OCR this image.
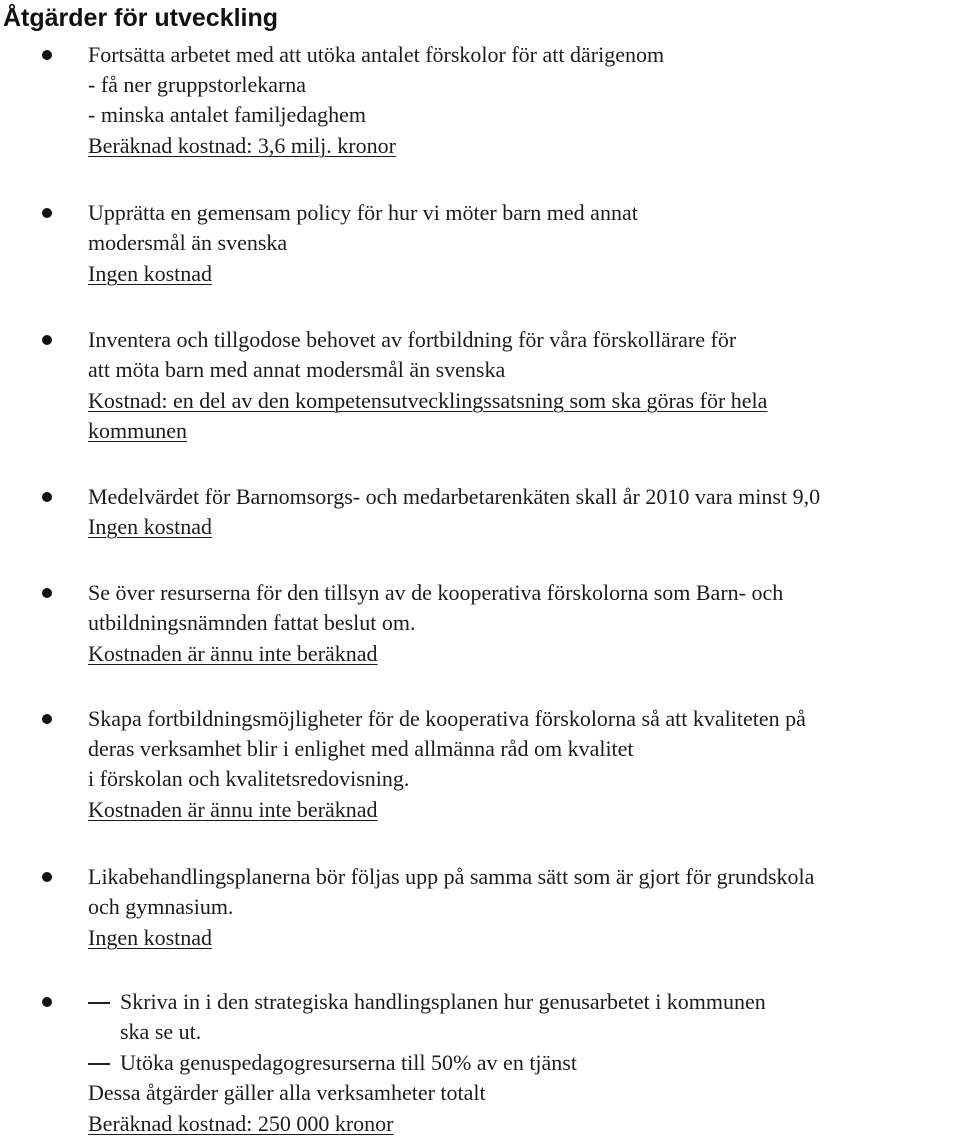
Åtgärder för utveckling
Fortsätta arbetet med att utöka antalet förskolor för att därigenom
- få ner gruppstorlekarna
- minska antalet familjedaghem
Beräknad kostnad: 3,6 milj. kronor
Upprätta en gemensam policy för hur vi möter barn med annat
modersmål än svenska
Ingen kostnad
Inventera och tillgodose behovet av fortbildning för våra förskollärare för
att möta barn med annat modersmål än svenska
Kostnad: en del av den kompetensutvecklingssatsning som ska göras för hela
kommunen
Medelvärdet för Barnomsorgs- och medarbetarenkäten skall år 2010 vara minst 9,0
Ingen kostnad
Se över resurserna för den tillsyn av de kooperativa förskolorna som Barn- och
utbildningsnämnden fattat beslut om.
Kostnaden är ännu inte beräknad
Skapa fortbildningsmöjligheter för de kooperativa förskolorna så att kvaliteten på
deras verksamhet blir i enlighet med allmänna råd om kvalitet
i förskolan och kvalitetsredovisning.
Kostnaden är ännu inte beräknad
Likabehandlingsplanerna bör följas upp på samma sätt som är gjort för grundskola
och gymnasium.
Ingen kostnad
Skriva in i den strategiska handlingsplanen hur genusarbetet i kommunen
ska se ut.
Utöka genuspedagogresurserna till 50% av en tjänst
Dessa åtgärder gäller alla verksamheter totalt
Beräknad kostnad: 250 000 kronor
